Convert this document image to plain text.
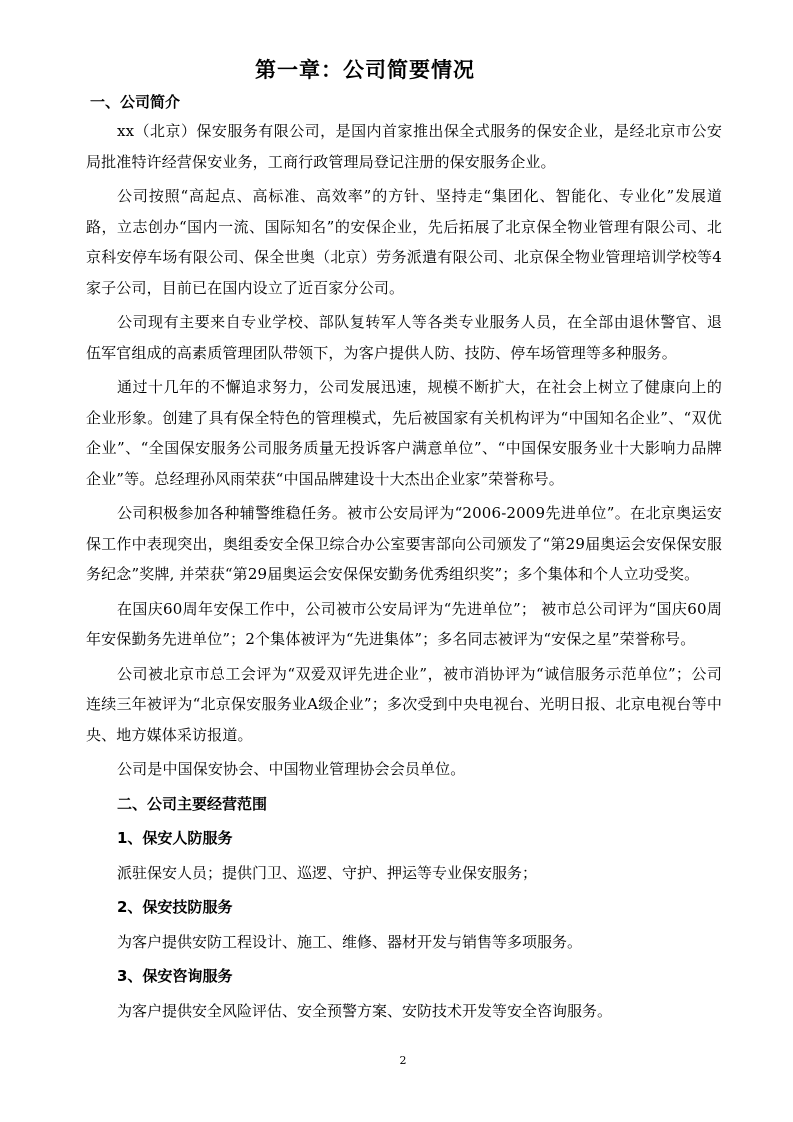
第一章：公司简要情况
一、公司简介

xx（北京）保安服务有限公司，是国内首家推出保全式服务的保安企业，是经北京市公安局批准特许经营保安业务，工商行政管理局登记注册的保安服务企业。

公司按照“高起点、高标准、高效率”的方针、坚持走“集团化、智能化、专业化”发展道路，立志创办“国内一流、国际知名”的安保企业，先后拓展了北京保全物业管理有限公司、北京科安停车场有限公司、保全世奥（北京）劳务派遣有限公司、北京保全物业管理培训学校等4家子公司，目前已在国内设立了近百家分公司。

公司现有主要来自专业学校、部队复转军人等各类专业服务人员，在全部由退休警官、退伍军官组成的高素质管理团队带领下，为客户提供人防、技防、停车场管理等多种服务。

通过十几年的不懈追求努力，公司发展迅速，规模不断扩大，在社会上树立了健康向上的企业形象。创建了具有保全特色的管理模式，先后被国家有关机构评为“中国知名企业”、“双优企业”、“全国保安服务公司服务质量无投诉客户满意单位”、“中国保安服务业十大影响力品牌企业”等。总经理孙风雨荣获“中国品牌建设十大杰出企业家”荣誉称号。

公司积极参加各种辅警维稳任务。被市公安局评为“2006-2009先进单位”。在北京奥运安保工作中表现突出，奥组委安全保卫综合办公室要害部向公司颁发了“第29届奥运会安保保安服务纪念”奖牌, 并荣获“第29届奥运会安保保安勤务优秀组织奖”；多个集体和个人立功受奖。

在国庆60周年安保工作中，公司被市公安局评为“先进单位”； 被市总公司评为“国庆60周年安保勤务先进单位”；2个集体被评为“先进集体”；多名同志被评为“安保之星”荣誉称号。

公司被北京市总工会评为“双爱双评先进企业”，被市消协评为“诚信服务示范单位”；公司连续三年被评为“北京保安服务业A级企业”；多次受到中央电视台、光明日报、北京电视台等中央、地方媒体采访报道。

公司是中国保安协会、中国物业管理协会会员单位。

二、公司主要经营范围
1、保安人防服务
派驻保安人员；提供门卫、巡逻、守护、押运等专业保安服务；
2、保安技防服务
为客户提供安防工程设计、施工、维修、器材开发与销售等多项服务。
3、保安咨询服务
为客户提供安全风险评估、安全预警方案、安防技术开发等安全咨询服务。
2
